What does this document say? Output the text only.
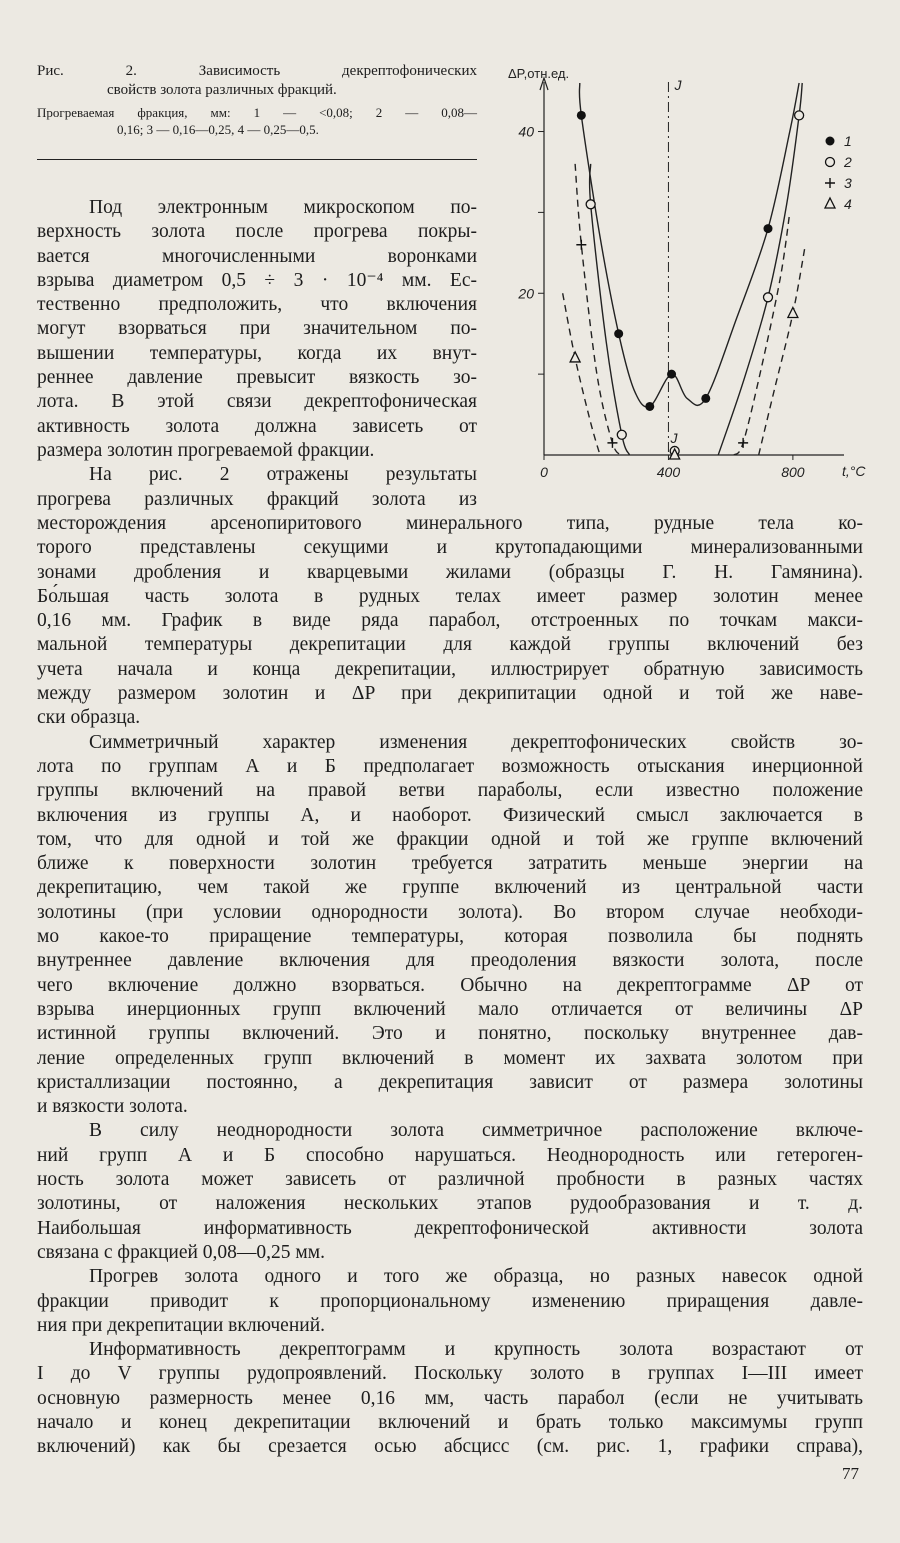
Рис. 2. Зависимость декрептофонических
свойств золота различных фракций.
Прогреваемая фракция, мм: 1 — <0,08; 2 — 0,08—
0,16; 3 — 0,16—0,25, 4 — 0,25—0,5.
Под электронным микроскопом по-
верхность золота после прогрева покры-
вается многочисленными воронками
взрыва диаметром 0,5 ÷ 3 · 10⁻⁴ мм. Ес-
тественно предположить, что включения
могут взорваться при значительном по-
вышении температуры, когда их внут-
реннее давление превысит вязкость зо-
лота. В этой связи декрептофоническая
активность золота должна зависеть от
размера золотин прогреваемой фракции.
На рис. 2 отражены результаты
прогрева различных фракций золота из
месторождения арсенопиритового минерального типа, рудные тела ко-
торого представлены секущими и крутопадающими минерализованными
зонами дробления и кварцевыми жилами (образцы Г. Н. Гамянина).
Бо́льшая часть золота в рудных телах имеет размер золотин менее
0,16 мм. График в виде ряда парабол, отстроенных по точкам макси-
мальной температуры декрепитации для каждой группы включений без
учета начала и конца декрепитации, иллюстрирует обратную зависимость
между размером золотин и ΔP при декрипитации одной и той же наве-
ски образца.
Симметричный характер изменения декрептофонических свойств зо-
лота по группам А и Б предполагает возможность отыскания инерционной
группы включений на правой ветви параболы, если известно положение
включения из группы А, и наоборот. Физический смысл заключается в
том, что для одной и той же фракции одной и той же группе включений
ближе к поверхности золотин требуется затратить меньше энергии на
декрепитацию, чем такой же группе включений из центральной части
золотины (при условии однородности золота). Во втором случае необходи-
мо какое-то приращение температуры, которая позволила бы поднять
внутреннее давление включения для преодоления вязкости золота, после
чего включение должно взорваться. Обычно на декрептограмме ΔP от
взрыва инерционных групп включений мало отличается от величины ΔP
истинной группы включений. Это и понятно, поскольку внутреннее дав-
ление определенных групп включений в момент их захвата золотом при
кристаллизации постоянно, а декрепитация зависит от размера золотины
и вязкости золота.
В силу неоднородности золота симметричное расположение включе-
ний групп А и Б способно нарушаться. Неоднородность или гетероген-
ность золота может зависеть от различной пробности в разных частях
золотины, от наложения нескольких этапов рудообразования и т. д.
Наибольшая информативность декрептофонической активности золота
связана с фракцией 0,08—0,25 мм.
Прогрев золота одного и того же образца, но разных навесок одной
фракции приводит к пропорциональному изменению приращения давле-
ния при декрепитации включений.
Информативность декрептограмм и крупность золота возрастают от
I до V группы рудопроявлений. Поскольку золото в группах I—III имеет
основную размерность менее 0,16 мм, часть парабол (если не учитывать
начало и конец декрепитации включений и брать только максимумы групп
включений) как бы срезается осью абсцисс (см. рис. 1, графики справа),
40
20
0	400	800
ΔP,отн.ед.
t,°C
J
J
1
2
3
4
77
